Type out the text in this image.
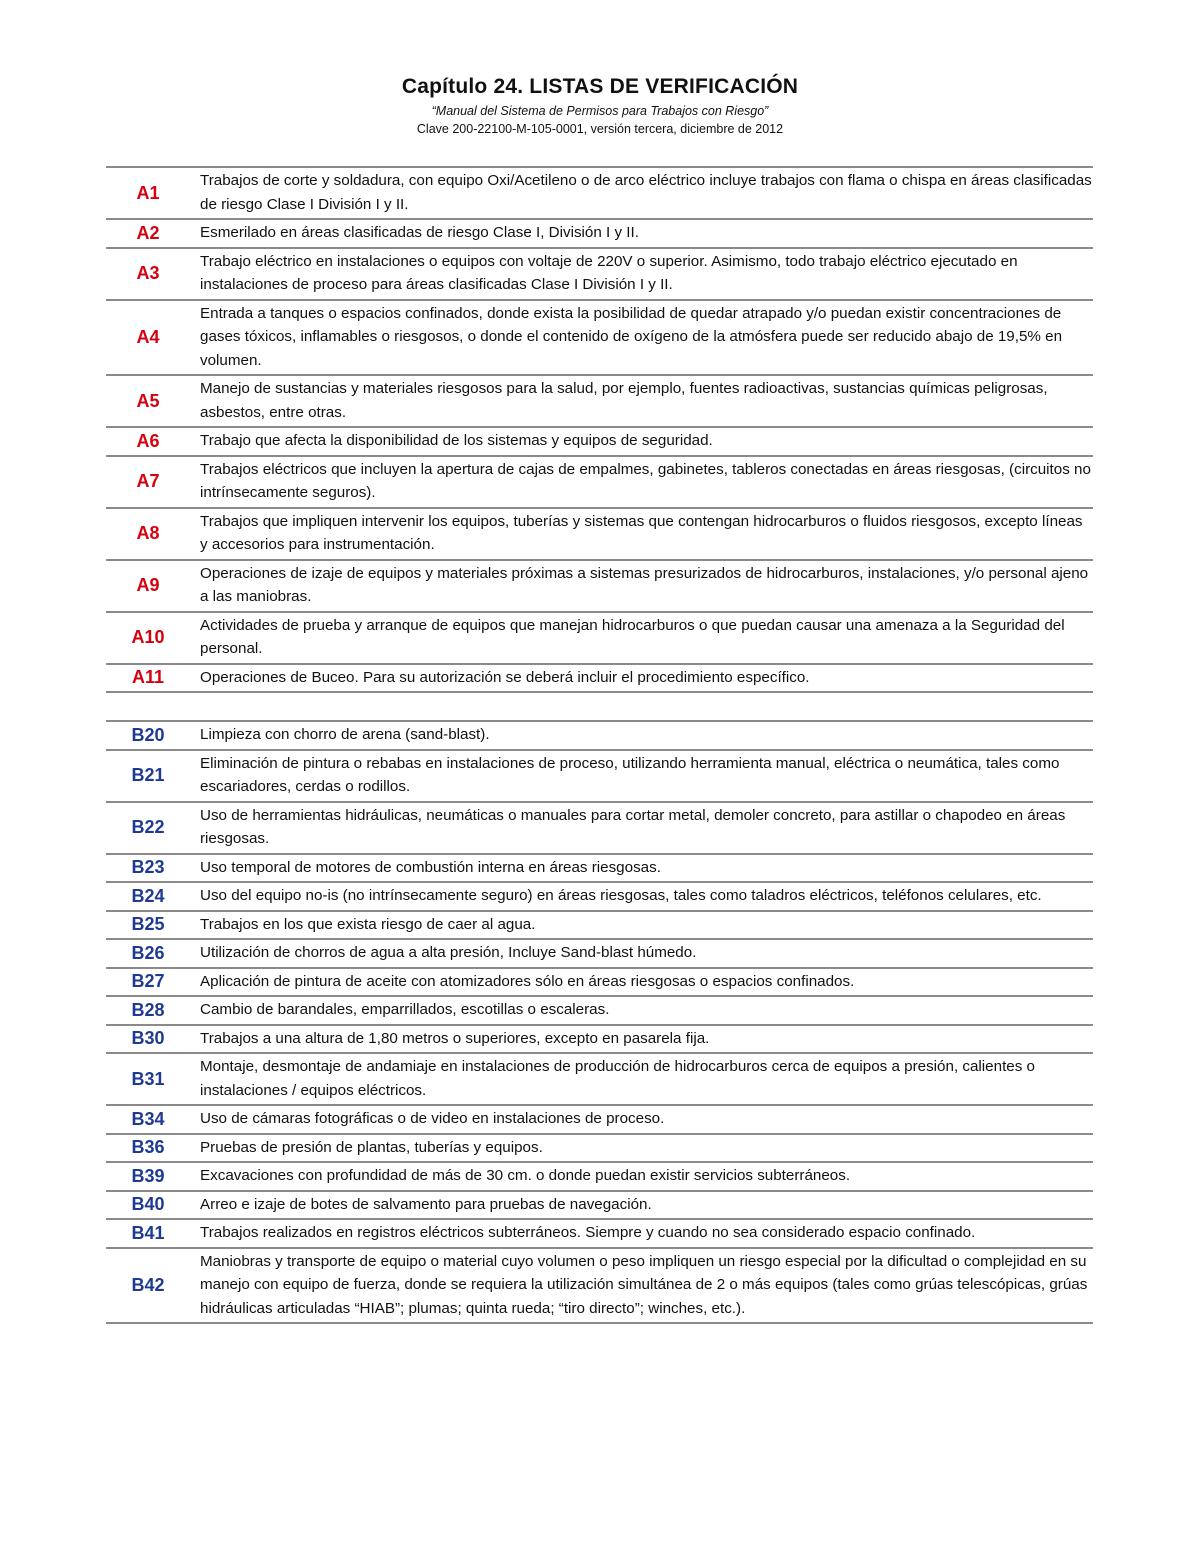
Capítulo 24. LISTAS DE VERIFICACIÓN

“Manual del Sistema de Permisos para Trabajos con Riesgo”

Clave 200-22100-M-105-0001, versión tercera, diciembre de 2012

A1
Trabajos de corte y soldadura, con equipo Oxi/Acetileno o de arco eléctrico incluye trabajos con flama o chispa en áreas clasificadas de riesgo Clase I División I y II.
A2	Esmerilado en áreas clasificadas de riesgo Clase I, División I y II.
A3
Trabajo eléctrico en instalaciones o equipos con voltaje de 220V o superior. Asimismo, todo trabajo eléctrico ejecutado en instalaciones de proceso para áreas clasificadas Clase I División I y II.
A4
Entrada a tanques o espacios confinados, donde exista la posibilidad de quedar atrapado y/o puedan existir concentraciones de gases tóxicos, inflamables o riesgosos, o donde el contenido de oxígeno de la atmósfera puede ser reducido abajo de 19,5% en volumen.
A5
Manejo de sustancias y materiales riesgosos para la salud, por ejemplo, fuentes radioactivas, sustancias químicas peligrosas, asbestos, entre otras.
A6	Trabajo que afecta la disponibilidad de los sistemas y equipos de seguridad.
A7
Trabajos eléctricos que incluyen la apertura de cajas de empalmes, gabinetes, tableros conectadas en áreas riesgosas, (circuitos no intrínsecamente seguros).
A8
Trabajos que impliquen intervenir los equipos, tuberías y sistemas que contengan hidrocarburos o fluidos riesgosos, excepto líneas y accesorios para instrumentación.
A9
Operaciones de izaje de equipos y materiales próximas a sistemas presurizados de hidrocarburos, instalaciones, y/o personal ajeno a las maniobras.
A10
Actividades de prueba y arranque de equipos que manejan hidrocarburos o que puedan causar una amenaza a la Seguridad del personal.
A11	Operaciones de Buceo. Para su autorización se deberá incluir el procedimiento específico.
B20	Limpieza con chorro de arena (sand-blast).
B21
Eliminación de pintura o rebabas en instalaciones de proceso, utilizando herramienta manual, eléctrica o neumática, tales como escariadores, cerdas o rodillos.
B22
Uso de herramientas hidráulicas, neumáticas o manuales para cortar metal, demoler concreto, para astillar o chapodeo en áreas riesgosas.
B23	Uso temporal de motores de combustión interna en áreas riesgosas.
B24	Uso del equipo no-is (no intrínsecamente seguro) en áreas riesgosas, tales como taladros eléctricos, teléfonos celulares, etc.
B25	Trabajos en los que exista riesgo de caer al agua.
B26	Utilización de chorros de agua a alta presión, Incluye Sand-blast húmedo.
B27	Aplicación de pintura de aceite con atomizadores sólo en áreas riesgosas o espacios confinados.
B28	Cambio de barandales, emparrillados, escotillas o escaleras.
B30	Trabajos a una altura de 1,80 metros o superiores, excepto en pasarela fija.
B31
Montaje, desmontaje de andamiaje en instalaciones de producción de hidrocarburos cerca de equipos a presión, calientes o instalaciones / equipos eléctricos.
B34	Uso de cámaras fotográficas o de video en instalaciones de proceso.
B36	Pruebas de presión de plantas, tuberías y equipos.
B39	Excavaciones con profundidad de más de 30 cm. o donde puedan existir servicios subterráneos.
B40	Arreo e izaje de botes de salvamento para pruebas de navegación.
B41	Trabajos realizados en registros eléctricos subterráneos. Siempre y cuando no sea considerado espacio confinado.
B42
Maniobras y transporte de equipo o material cuyo volumen o peso impliquen un riesgo especial por la dificultad o complejidad en su manejo con equipo de fuerza, donde se requiera la utilización simultánea de 2 o más equipos (tales como grúas telescópicas, grúas hidráulicas articuladas “HIAB”; plumas; quinta rueda; “tiro directo”; winches, etc.).
